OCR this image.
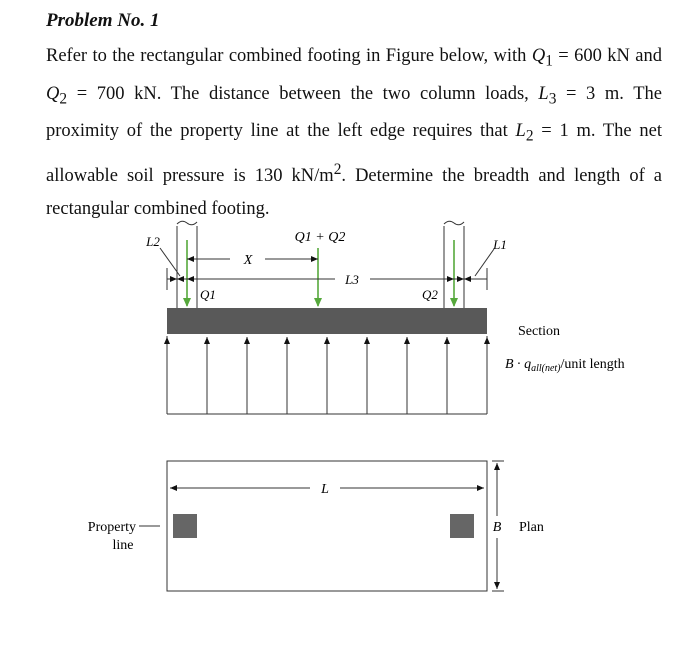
Problem No. 1

Refer to the rectangular combined footing in Figure below, with $Q_1 = 600$ kN and $Q_2 = 700$ kN. The distance between the two column loads, $L_3 = 3$ m. The proximity of the property line at the left edge requires that $L_2 = 1$ m. The net allowable soil pressure is 130 $kN/m^2$. Determine the breadth and length of a rectangular combined footing.

Q1 + Q2
X
L3
L2	L1
Q1	Q2
Section
$B \cdot q_{all(net)}$/unit length
L
B Plan
Property
line
